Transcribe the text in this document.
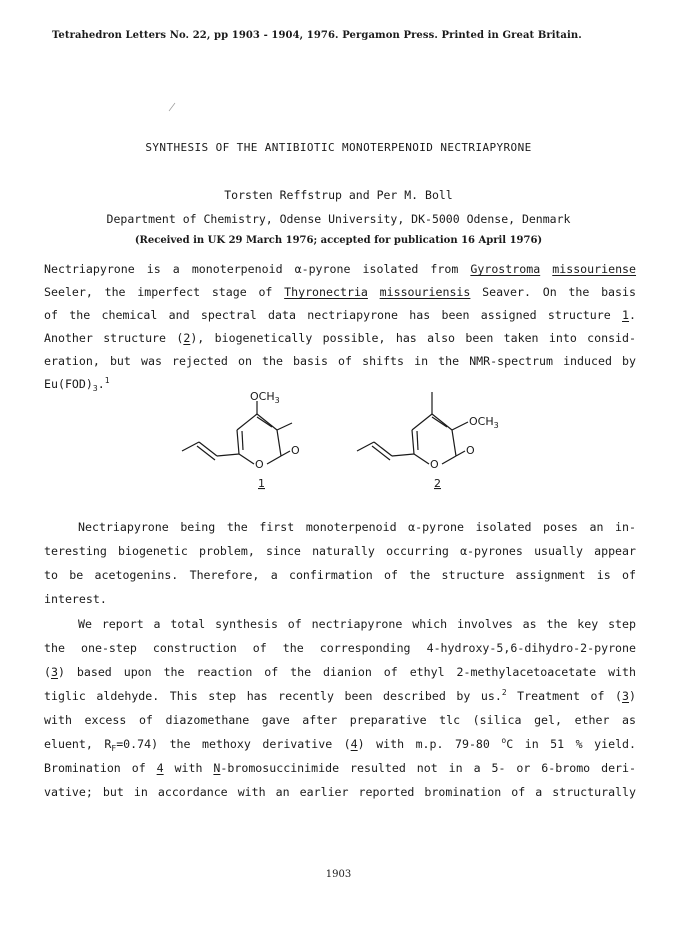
Tetrahedron Letters No. 22, pp 1903 - 1904, 1976. Pergamon Press. Printed in Great Britain.
SYNTHESIS OF THE ANTIBIOTIC MONOTERPENOID NECTRIAPYRONE
Torsten Reffstrup and Per M. Boll
Department of Chemistry, Odense University, DK-5000 Odense, Denmark
(Received in UK 29 March 1976; accepted for publication 16 April 1976)
Nectriapyrone is a monoterpenoid α-pyrone isolated from Gyrostroma missouriense
Seeler, the imperfect stage of Thyronectria missouriensis Seaver. On the basis
of the chemical and spectral data nectriapyrone has been assigned structure 1.
Another structure (2), biogenetically possible, has also been taken into consid-
eration, but was rejected on the basis of shifts in the NMR-spectrum induced by
$Eu(FOD)_3.^1$
$OCH_3$
O
O
$OCH_3$
O
O
1	2
Nectriapyrone being the first monoterpenoid α-pyrone isolated poses an in-
teresting biogenetic problem, since naturally occurring α-pyrones usually appear
to be acetogenins. Therefore, a confirmation of the structure assignment is of
interest.
We report a total synthesis of nectriapyrone which involves as the key step
the one-step construction of the corresponding 4-hydroxy-5,6-dihydro-2-pyrone
(3) based upon the reaction of the dianion of ethyl 2-methylacetoacetate with
tiglic aldehyde. This step has recently been described by us.$^2$ Treatment of (3)
with excess of diazomethane gave after preparative tlc (silica gel, ether as
eluent, $R_F=0.74$) the methoxy derivative (4) with m.p. 79-80 $^o$C in 51 % yield.
Bromination of 4 with N-bromosuccinimide resulted not in a 5- or 6-bromo deri-
vative; but in accordance with an earlier reported bromination of a structurally
1903
